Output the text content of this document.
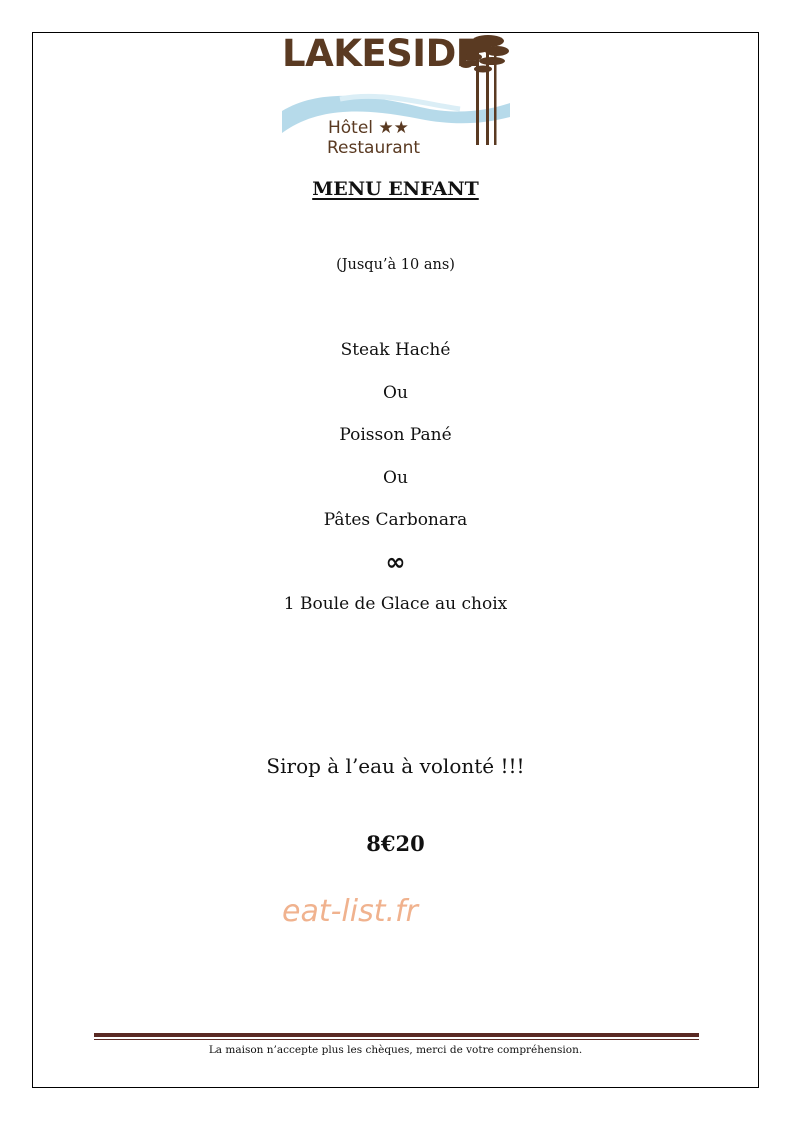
LAKESIDE
Hôtel ★★
Restaurant
MENU ENFANT
(Jusqu’à 10 ans)
Steak Haché
Ou
Poisson Pané
Ou
Pâtes Carbonara
∞
1 Boule de Glace au choix
Sirop à l’eau à volonté !!!
8€20
eat-list.fr
La maison n’accepte plus les chèques, merci de votre compréhension.
